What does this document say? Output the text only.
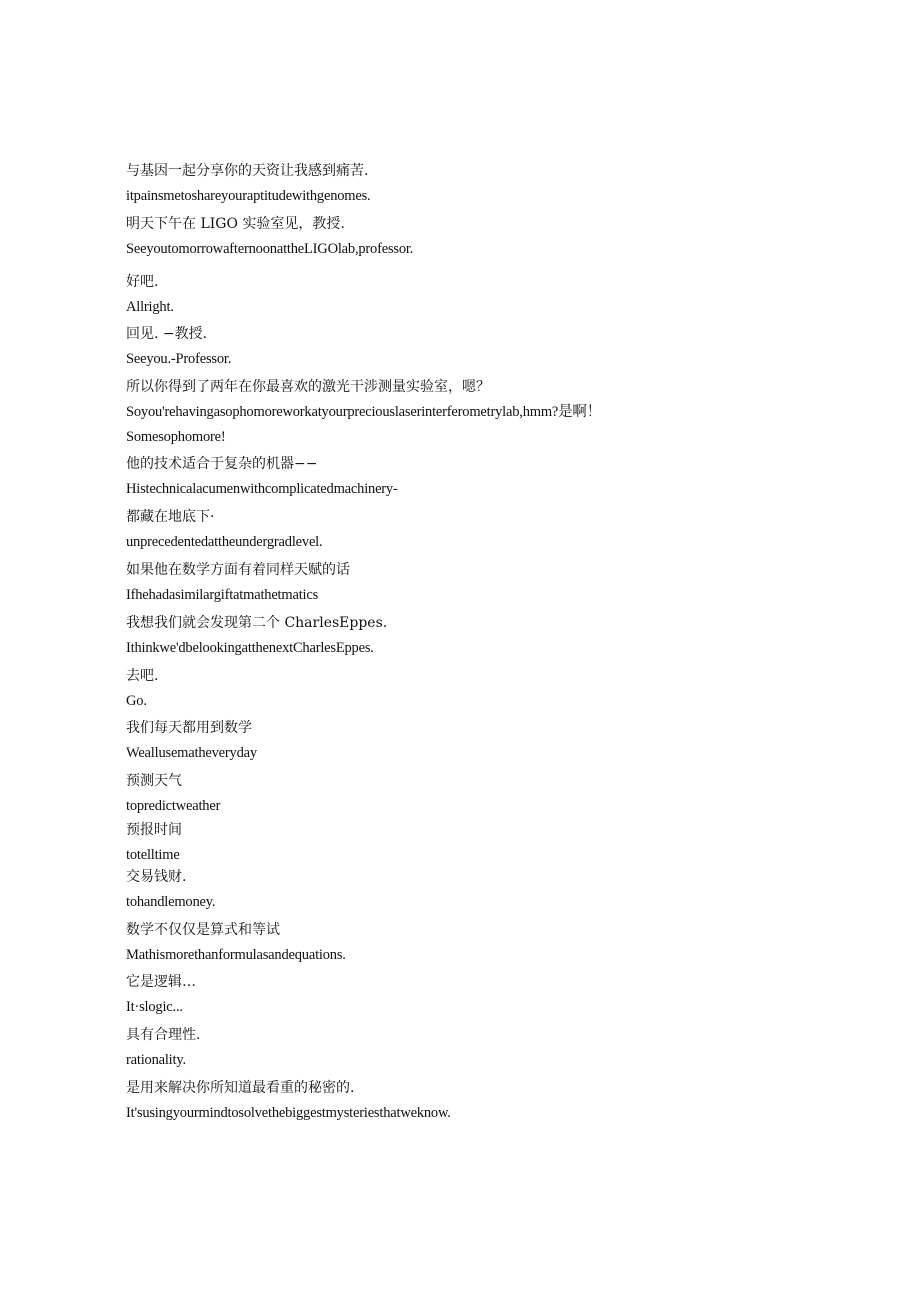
与基因一起分享你的天资让我感到痛苦.
itpainsmetoshareyouraptitudewithgenomes.
明天下午在 LIGO 实验室见，教授.
SeeyoutomorrowafternoonattheLIGOlab,professor.
好吧.
Allright.
回见. −教授.
Seeyou.-Professor.
所以你得到了两年在你最喜欢的激光干涉测量实验室，嗯？
Soyou'rehavingasophomoreworkatyourpreciouslaserinterferometrylab,hmm?是啊！
Somesophomore!
他的技术适合于复杂的机器−−
Histechnicalacumenwithcomplicatedmachinery-
都藏在地底下·
unprecedentedattheundergradlevel.
如果他在数学方面有着同样天赋的话
Ifhehadasimilargiftatmathetmatics
我想我们就会发现第二个 CharlesEppes.
Ithinkwe'dbelookingatthenextCharlesEppes.
去吧.
Go.
我们每天都用到数学
Weallusematheveryday
预测天气
topredictweather
预报时间
totelltime
交易钱财.
tohandlemoney.
数学不仅仅是算式和等试
Mathismorethanformulasandequations.
它是逻辑…
It·slogic...
具有合理性.
rationality.
是用来解决你所知道最看重的秘密的.
It'susingyourmindtosolvethebiggestmysteriesthatweknow.
